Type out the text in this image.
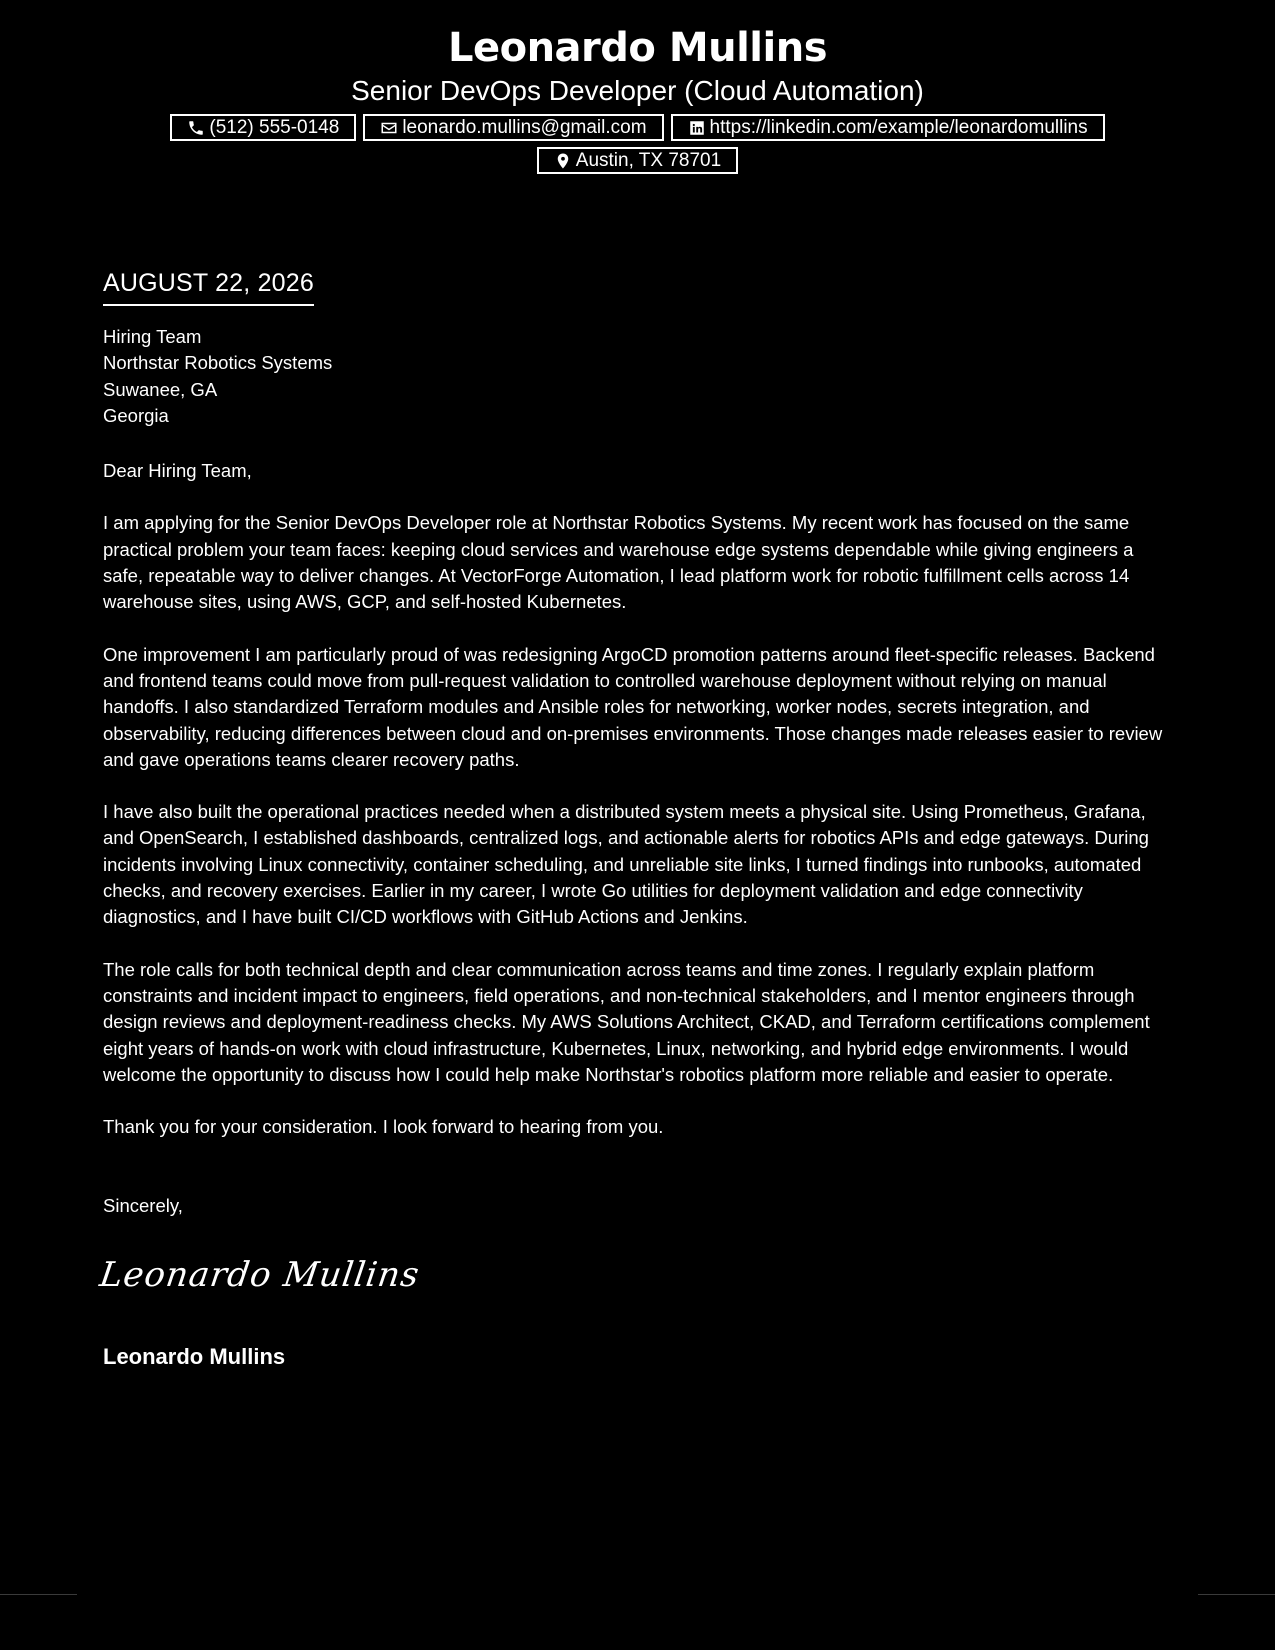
Leonardo Mullins
Senior DevOps Developer (Cloud Automation)
(512) 555-0148	leonardo.mullins@gmail.com	https://linkedin.com/example/leonardomullins
Austin, TX 78701
AUGUST 22, 2026
Hiring Team
Northstar Robotics Systems
Suwanee, GA
Georgia
Dear Hiring Team,
I am applying for the Senior DevOps Developer role at Northstar Robotics Systems. My recent work has focused on the same practical problem your team faces: keeping cloud services and warehouse edge systems dependable while giving engineers a safe, repeatable way to deliver changes. At VectorForge Automation, I lead platform work for robotic fulfillment cells across 14 warehouse sites, using AWS, GCP, and self-hosted Kubernetes.
One improvement I am particularly proud of was redesigning ArgoCD promotion patterns around fleet-specific releases. Backend and frontend teams could move from pull-request validation to controlled warehouse deployment without relying on manual handoffs. I also standardized Terraform modules and Ansible roles for networking, worker nodes, secrets integration, and observability, reducing differences between cloud and on-premises environments. Those changes made releases easier to review and gave operations teams clearer recovery paths.
I have also built the operational practices needed when a distributed system meets a physical site. Using Prometheus, Grafana, and OpenSearch, I established dashboards, centralized logs, and actionable alerts for robotics APIs and edge gateways. During incidents involving Linux connectivity, container scheduling, and unreliable site links, I turned findings into runbooks, automated checks, and recovery exercises. Earlier in my career, I wrote Go utilities for deployment validation and edge connectivity diagnostics, and I have built CI/CD workflows with GitHub Actions and Jenkins.
The role calls for both technical depth and clear communication across teams and time zones. I regularly explain platform constraints and incident impact to engineers, field operations, and non-technical stakeholders, and I mentor engineers through design reviews and deployment-readiness checks. My AWS Solutions Architect, CKAD, and Terraform certifications complement eight years of hands-on work with cloud infrastructure, Kubernetes, Linux, networking, and hybrid edge environments. I would welcome the opportunity to discuss how I could help make Northstar's robotics platform more reliable and easier to operate.
Thank you for your consideration. I look forward to hearing from you.
Sincerely,
Leonardo Mullins
Leonardo Mullins
